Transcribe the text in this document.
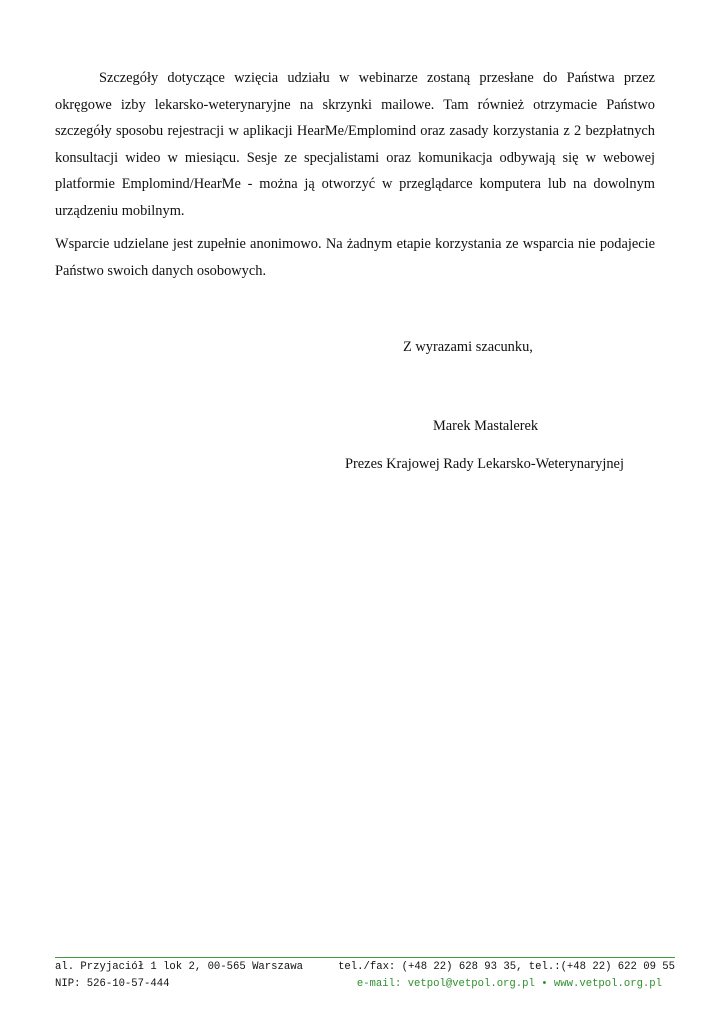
Szczegóły dotyczące wzięcia udziału w webinarze zostaną przesłane do Państwa przez okręgowe izby lekarsko-weterynaryjne na skrzynki mailowe. Tam również otrzymacie Państwo szczegóły sposobu rejestracji w aplikacji HearMe/Emplomind oraz zasady korzystania z 2 bezpłatnych konsultacji wideo w miesiącu. Sesje ze specjalistami oraz komunikacja odbywają się w webowej platformie Emplomind/HearMe - można ją otworzyć w przeglądarce komputera lub na dowolnym urządzeniu mobilnym.

Wsparcie udzielane jest zupełnie anonimowo. Na żadnym etapie korzystania ze wsparcia nie podajecie Państwo swoich danych osobowych.

Z wyrazami szacunku,
Marek Mastalerek
Prezes Krajowej Rady Lekarsko-Weterynaryjnej
al. Przyjaciół 1 lok 2, 00-565 Warszawa
NIP: 526-10-57-444
tel./fax: (+48 22) 628 93 35, tel.:(+48 22) 622 09 55
e-mail: vetpol@vetpol.org.pl • www.vetpol.org.pl
